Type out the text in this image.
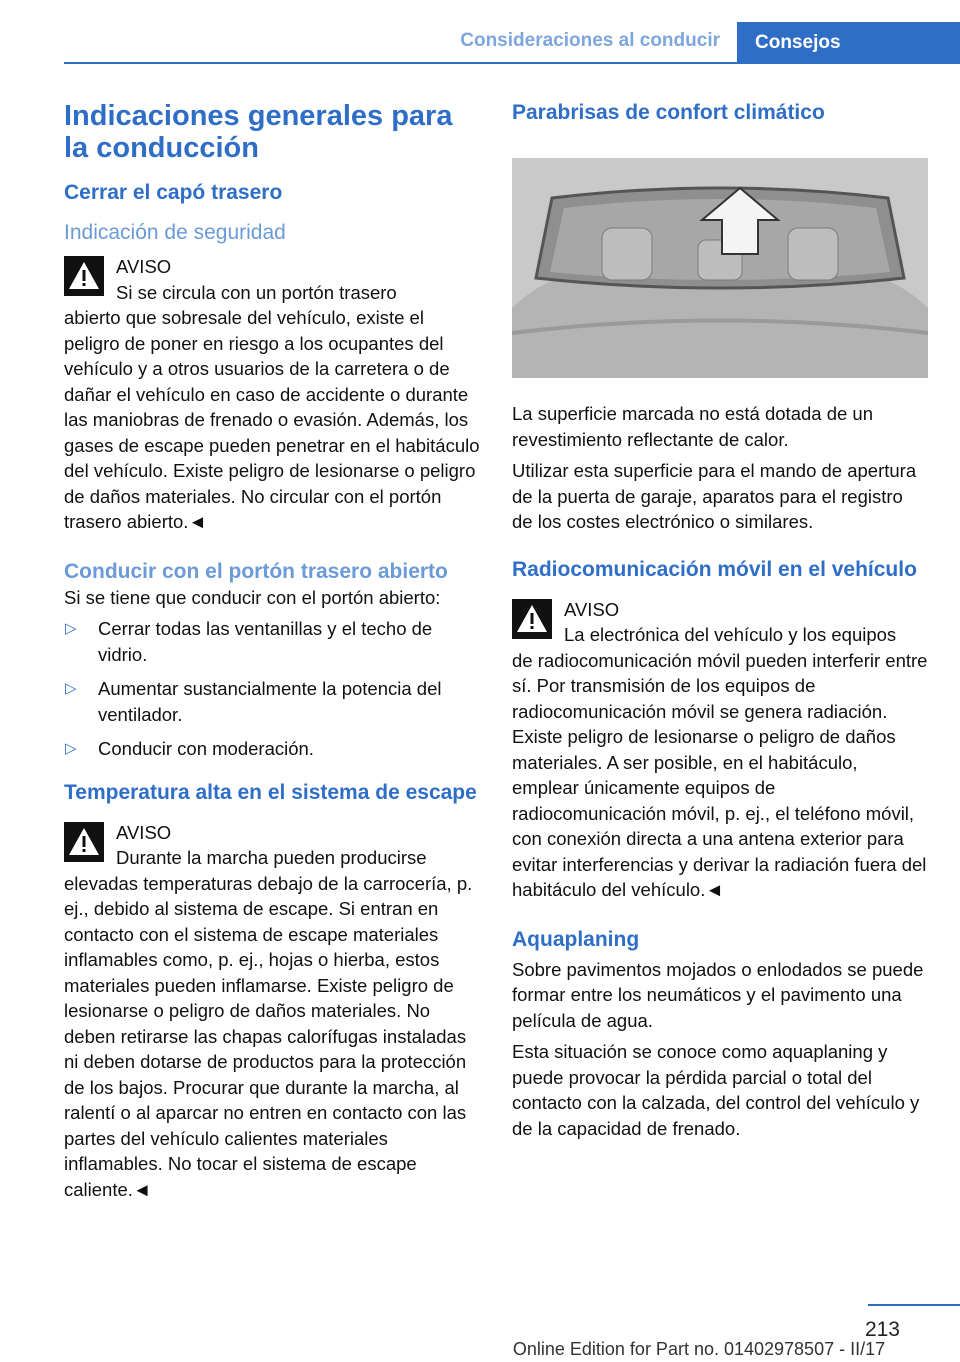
Consideraciones al conducir	Consejos
Indicaciones generales para la conducción
Cerrar el capó trasero
Indicación de seguridad
AVISO
Si se circula con un portón trasero
abierto que sobresale del vehículo, existe el peligro de poner en riesgo a los ocupantes del vehículo y a otros usuarios de la carretera o de dañar el vehículo en caso de accidente o durante las maniobras de frenado o evasión. Además, los gases de escape pueden penetrar en el habitáculo del vehículo. Existe peligro de lesionarse o peligro de daños materiales. No circular con el portón trasero abierto.◄
Conducir con el portón trasero abierto
Si se tiene que conducir con el portón abierto:
▷	Cerrar todas las ventanillas y el techo de vidrio.
▷	Aumentar sustancialmente la potencia del ventilador.
▷	Conducir con moderación.
Temperatura alta en el sistema de escape
AVISO
Durante la marcha pueden producirse
elevadas temperaturas debajo de la carrocería, p. ej., debido al sistema de escape. Si entran en contacto con el sistema de escape materiales inflamables como, p. ej., hojas o hierba, estos materiales pueden inflamarse. Existe peligro de lesionarse o peligro de daños materiales. No deben retirarse las chapas calorífugas instaladas ni deben dotarse de productos para la protección de los bajos. Procurar que durante la marcha, al ralentí o al aparcar no entren en contacto con las partes del vehículo calientes materiales inflamables. No tocar el sistema de escape caliente.◄
Parabrisas de confort climático
La superficie marcada no está dotada de un revestimiento reflectante de calor.
Utilizar esta superficie para el mando de apertura de la puerta de garaje, aparatos para el registro de los costes electrónico o similares.
Radiocomunicación móvil en el vehículo
AVISO
La electrónica del vehículo y los equipos
de radiocomunicación móvil pueden interferir entre sí. Por transmisión de los equipos de radiocomunicación móvil se genera radiación. Existe peligro de lesionarse o peligro de daños materiales. A ser posible, en el habitáculo, emplear únicamente equipos de radiocomunicación móvil, p. ej., el teléfono móvil, con conexión directa a una antena exterior para evitar interferencias y derivar la radiación fuera del habitáculo del vehículo.◄
Aquaplaning
Sobre pavimentos mojados o enlodados se puede formar entre los neumáticos y el pavimento una película de agua.
Esta situación se conoce como aquaplaning y puede provocar la pérdida parcial o total del contacto con la calzada, del control del vehículo y de la capacidad de frenado.
213
Online Edition for Part no. 01402978507 - II/17
